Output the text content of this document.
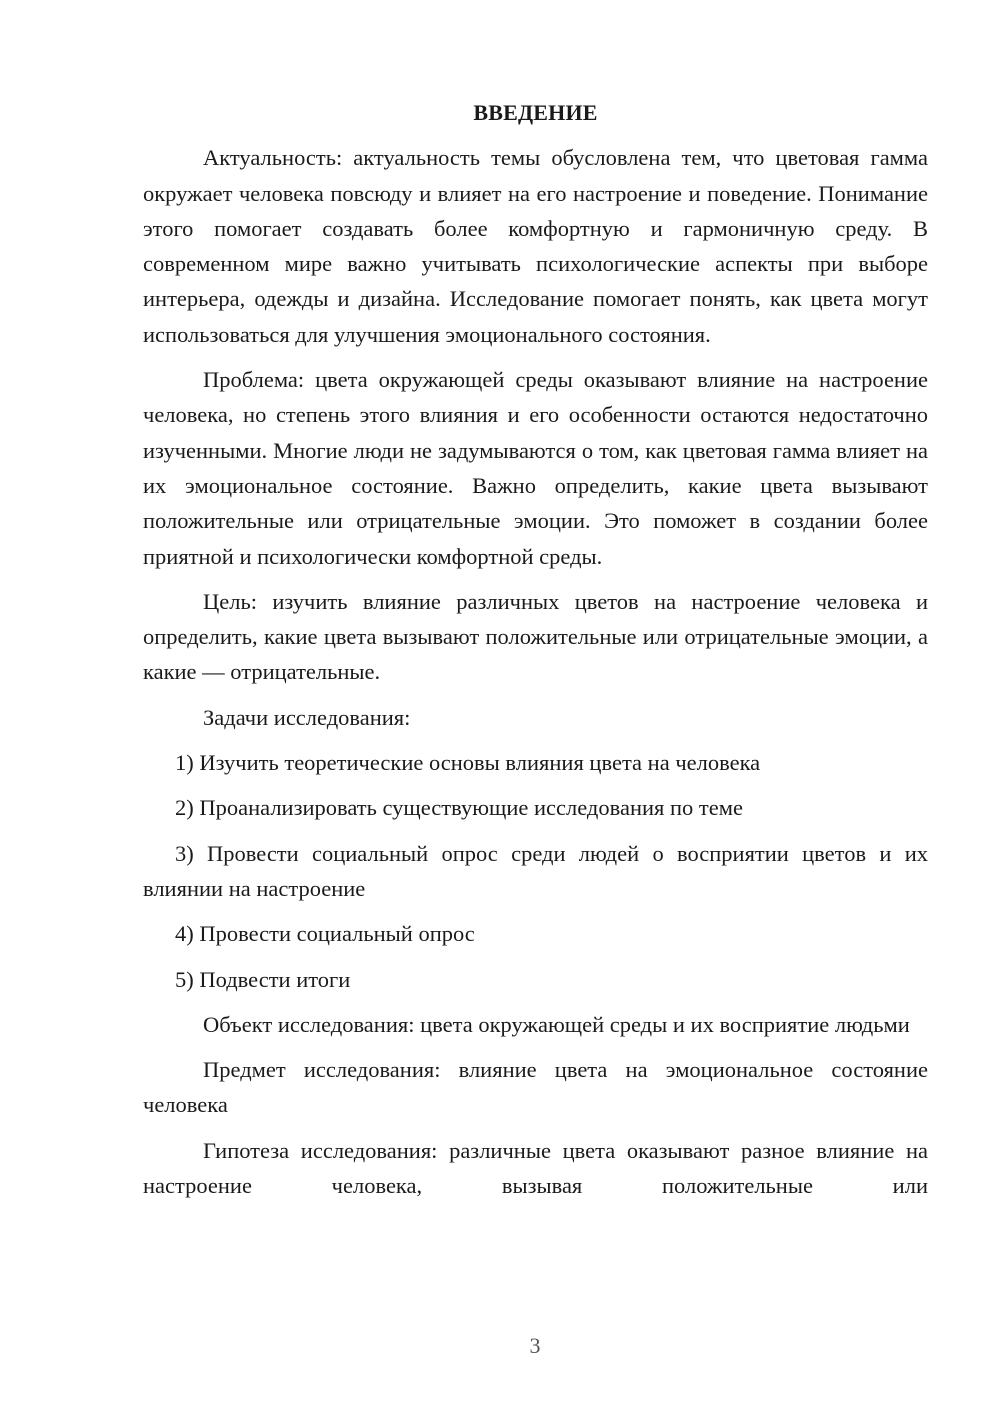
ВВЕДЕНИЕ

Актуальность: актуальность темы обусловлена тем, что цветовая гамма окружает человека повсюду и влияет на его настроение и поведение. Понимание этого помогает создавать более комфортную и гармоничную среду. В современном мире важно учитывать психологические аспекты при выборе интерьера, одежды и дизайна. Исследование помогает понять, как цвета могут использоваться для улучшения эмоционального состояния.

Проблема: цвета окружающей среды оказывают влияние на настроение человека, но степень этого влияния и его особенности остаются недостаточно изученными. Многие люди не задумываются о том, как цветовая гамма влияет на их эмоциональное состояние. Важно определить, какие цвета вызывают положительные или отрицательные эмоции. Это поможет в создании более приятной и психологически комфортной среды.

Цель: изучить влияние различных цветов на настроение человека и определить, какие цвета вызывают положительные или отрицательные эмоции, а какие — отрицательные.

Задачи исследования:

1) Изучить теоретические основы влияния цвета на человека

2) Проанализировать существующие исследования по теме

3) Провести социальный опрос среди людей о восприятии цветов и их влиянии на настроение

4) Провести социальный опрос

5) Подвести итоги

Объект исследования: цвета окружающей среды и их восприятие людьми

Предмет исследования: влияние цвета на эмоциональное состояние человека

Гипотеза исследования: различные цвета оказывают разное влияние на настроение человека, вызывая положительные или

3
